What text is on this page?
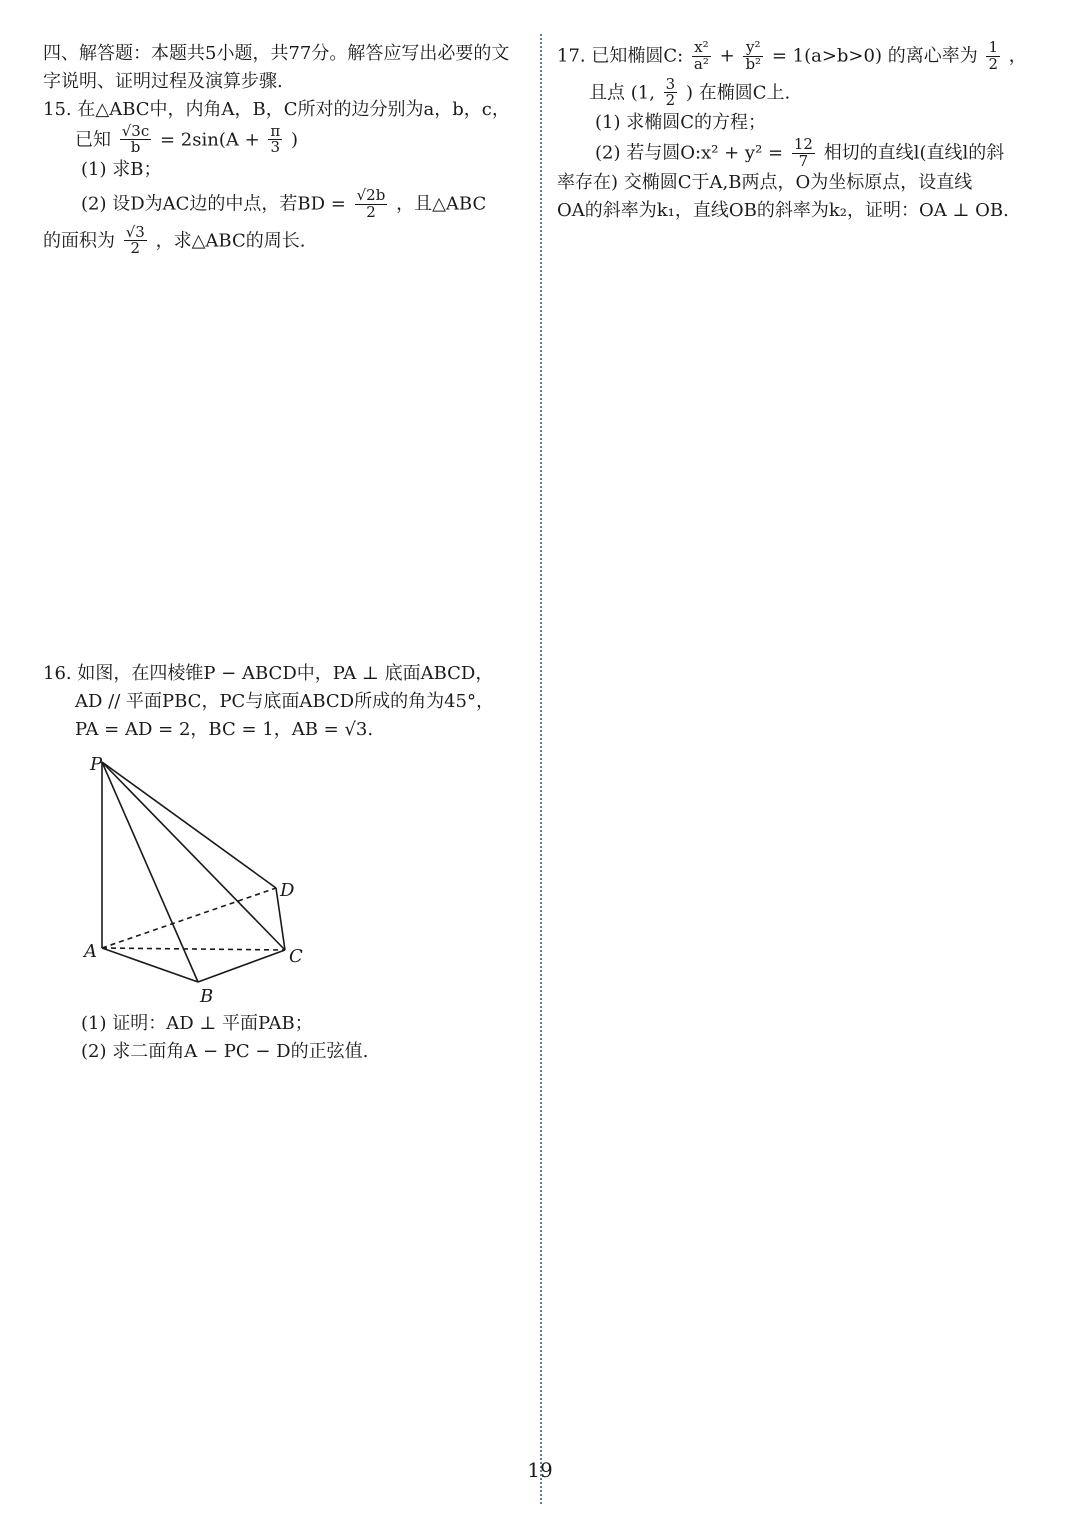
四、解答题：本题共5小题，共77分。解答应写出必要的文
字说明、证明过程及演算步骤.
15. 在△ABC中，内角A，B，C所对的边分别为a，b，c，
已知 $\frac{√3c}{b} = 2\sin(A + \frac{\pi}{3}$ )
(1) 求B；
(2) 设D为AC边的中点，若BD = $\frac{√2b}{2}$ ，且△ABC
的面积为 $\frac{√3}{2}$ ，求△ABC的周长.
16. 如图，在四棱锥P − ABCD中，PA ⊥ 底面ABCD，
AD // 平面PBC，PC与底面ABCD所成的角为45°，
PA = AD = 2，BC = 1，AB = √3.
P
A
B
C
D
(1) 证明：AD ⊥ 平面PAB；
(2) 求二面角A − PC − D的正弦值.
17. 已知椭圆C: $\frac{\text{x²}}{\text{a²}} + \frac{\text{y²}}{\text{b²}} = 1(a>b>0)$ 的离心率为 $\frac{1}{2}$ ，
且点 (1, $\frac{3}{2}$ ) 在椭圆C上.
(1) 求椭圆C的方程；
(2) 若与圆O:x² + $y^2 = \frac{12}{7}$ 相切的直线l(直线l的斜
率存在) 交椭圆C于A,B两点，O为坐标原点，设直线
OA的斜率为k₁，直线OB的斜率为k₂，证明：OA ⊥ OB.
19
